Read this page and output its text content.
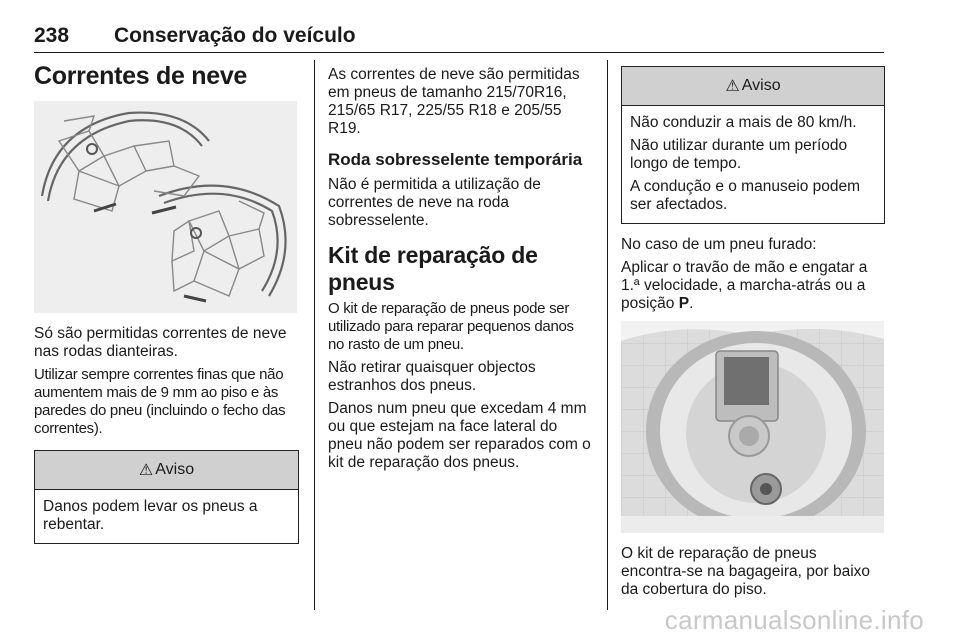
238 Conservação do veículo
Correntes de neve

Só são permitidas correntes de neve nas rodas dianteiras.

Utilizar sempre correntes finas que não aumentem mais de 9 mm ao piso e às paredes do pneu (incluindo o fecho das correntes).

⚠ Aviso

Danos podem levar os pneus a rebentar.

As correntes de neve são permitidas em pneus de tamanho 215/70R16, 215/65 R17, 225/55 R18 e 205/55 R19.

Roda sobresselente temporária

Não é permitida a utilização de correntes de neve na roda sobresselente.

Kit de reparação de pneus

O kit de reparação de pneus pode ser utilizado para reparar pequenos danos no rasto de um pneu.

Não retirar quaisquer objectos estranhos dos pneus.

Danos num pneu que excedam 4 mm ou que estejam na face lateral do pneu não podem ser reparados com o kit de reparação dos pneus.

⚠ Aviso

Não conduzir a mais de 80 km/h.

Não utilizar durante um período longo de tempo.

A condução e o manuseio podem ser afectados.

No caso de um pneu furado:

Aplicar o travão de mão e engatar a 1.ª velocidade, a marcha-atrás ou a posição P.

O kit de reparação de pneus encontra-se na bagageira, por baixo da cobertura do piso.

carmanualsonline.info
